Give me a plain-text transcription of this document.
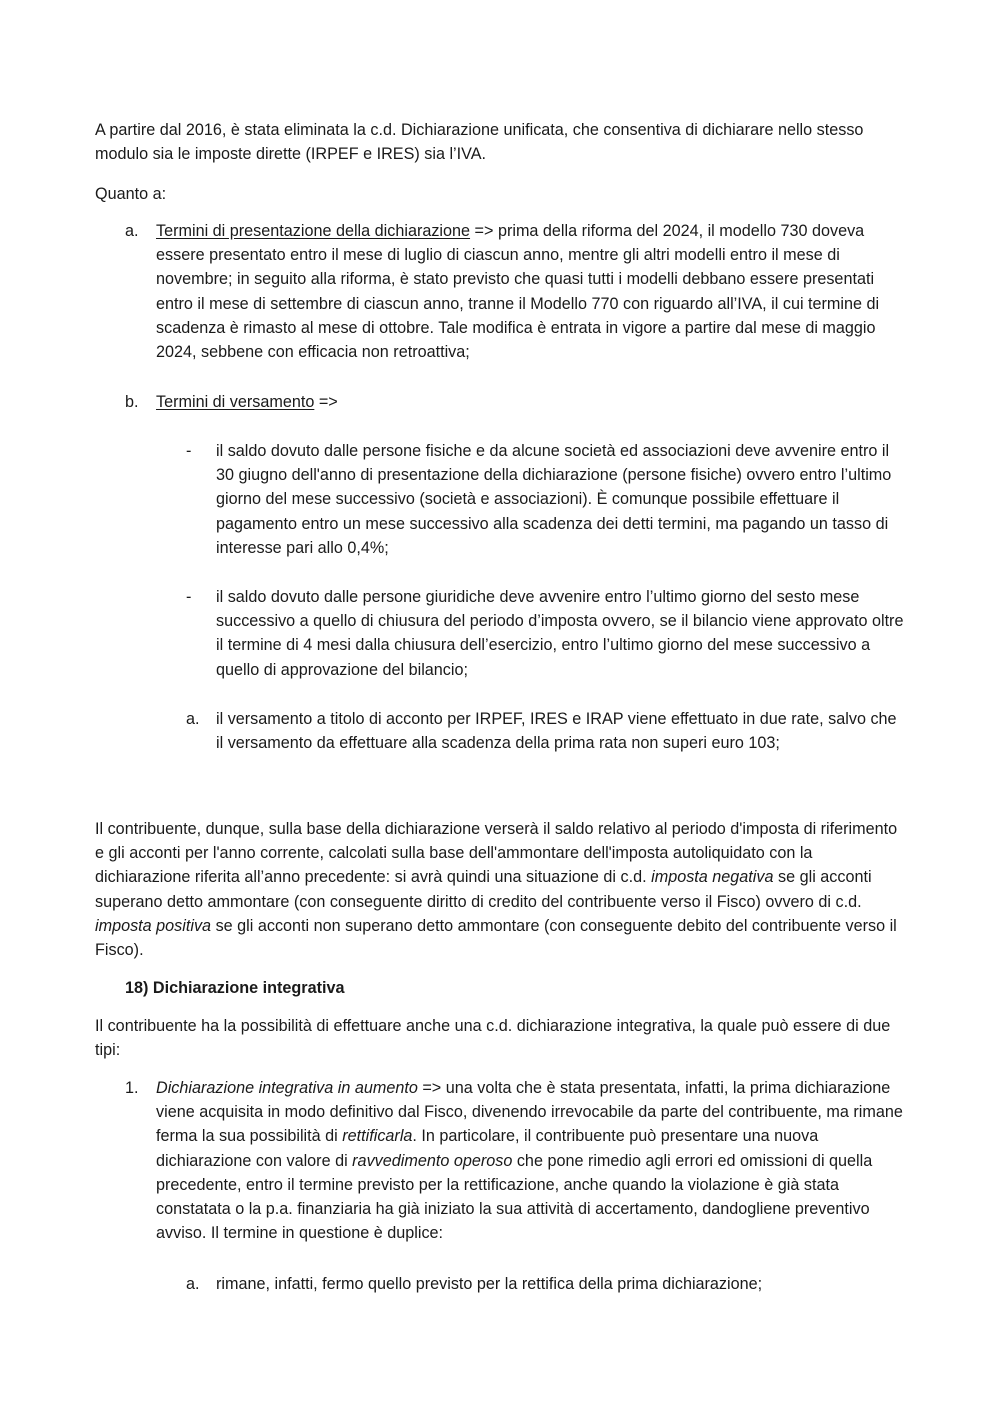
A partire dal 2016, è stata eliminata la c.d. Dichiarazione unificata, che consentiva di dichiarare nello stesso modulo sia le imposte dirette (IRPEF e IRES) sia l’IVA.

Quanto a:

a. Termini di presentazione della dichiarazione => prima della riforma del 2024, il modello 730 doveva essere presentato entro il mese di luglio di ciascun anno, mentre gli altri modelli entro il mese di novembre; in seguito alla riforma, è stato previsto che quasi tutti i modelli debbano essere presentati entro il mese di settembre di ciascun anno, tranne il Modello 770 con riguardo all’IVA, il cui termine di scadenza è rimasto al mese di ottobre. Tale modifica è entrata in vigore a partire dal mese di maggio 2024, sebbene con efficacia non retroattiva;

b. Termini di versamento =>

- il saldo dovuto dalle persone fisiche e da alcune società ed associazioni deve avvenire entro il 30 giugno dell'anno di presentazione della dichiarazione (persone fisiche) ovvero entro l’ultimo giorno del mese successivo (società e associazioni). È comunque possibile effettuare il pagamento entro un mese successivo alla scadenza dei detti termini, ma pagando un tasso di interesse pari allo 0,4%;

- il saldo dovuto dalle persone giuridiche deve avvenire entro l’ultimo giorno del sesto mese successivo a quello di chiusura del periodo d’imposta ovvero, se il bilancio viene approvato oltre il termine di 4 mesi dalla chiusura dell’esercizio, entro l’ultimo giorno del mese successivo a quello di approvazione del bilancio;

a. il versamento a titolo di acconto per IRPEF, IRES e IRAP viene effettuato in due rate, salvo che il versamento da effettuare alla scadenza della prima rata non superi euro 103;

Il contribuente, dunque, sulla base della dichiarazione verserà il saldo relativo al periodo d'imposta di riferimento e gli acconti per l'anno corrente, calcolati sulla base dell'ammontare dell'imposta autoliquidato con la dichiarazione riferita all’anno precedente: si avrà quindi una situazione di c.d. imposta negativa se gli acconti superano detto ammontare (con conseguente diritto di credito del contribuente verso il Fisco) ovvero di c.d. imposta positiva se gli acconti non superano detto ammontare (con conseguente debito del contribuente verso il Fisco).

18) Dichiarazione integrativa

Il contribuente ha la possibilità di effettuare anche una c.d. dichiarazione integrativa, la quale può essere di due tipi:

1. Dichiarazione integrativa in aumento => una volta che è stata presentata, infatti, la prima dichiarazione viene acquisita in modo definitivo dal Fisco, divenendo irrevocabile da parte del contribuente, ma rimane ferma la sua possibilità di rettificarla. In particolare, il contribuente può presentare una nuova dichiarazione con valore di ravvedimento operoso che pone rimedio agli errori ed omissioni di quella precedente, entro il termine previsto per la rettificazione, anche quando la violazione è già stata constatata o la p.a. finanziaria ha già iniziato la sua attività di accertamento, dandogliene preventivo avviso. Il termine in questione è duplice:

a. rimane, infatti, fermo quello previsto per la rettifica della prima dichiarazione;
